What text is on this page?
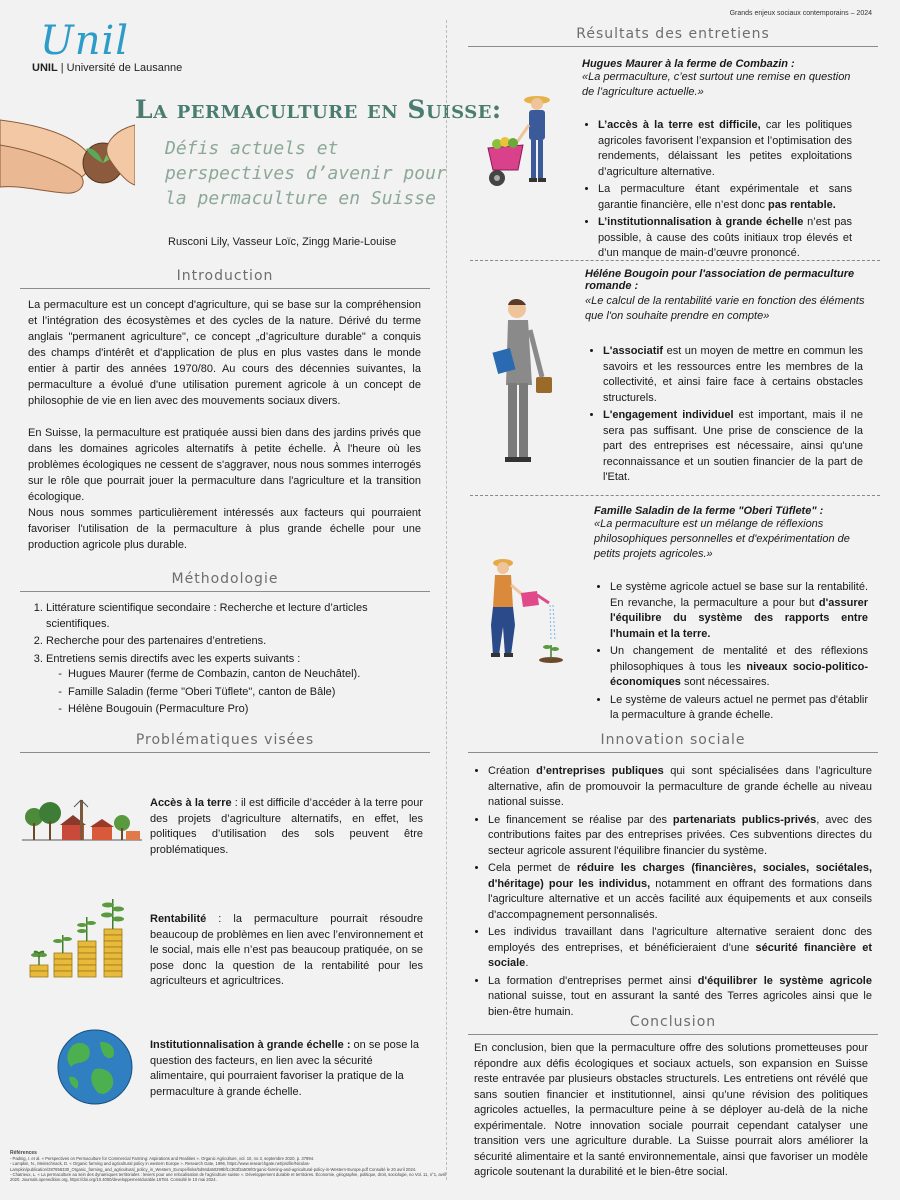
Grands enjeux sociaux contemporains – 2024
Unil
UNIL | Université de Lausanne
La permaculture en Suisse:
Défis actuels et perspectives d’avenir pour la permaculture en Suisse
Rusconi Lily, Vasseur Loïc, Zingg Marie-Louise
Introduction

La permaculture est un concept d'agriculture, qui se base sur la compréhension et l’intégration des écosystèmes et des cycles de la nature. Dérivé du terme anglais "permanent agriculture", ce concept „d’agriculture durable" a conquis des champs d'intérêt et d'application de plus en plus vastes dans le monde entier à partir des années 1970/80. Au cours des décennies suivantes, la permaculture a évolué d'une utilisation purement agricole à un concept de philosophie de vie en lien avec des mouvements sociaux divers.

En Suisse, la permaculture est pratiquée aussi bien dans des jardins privés que dans les domaines agricoles alternatifs à petite échelle. À l'heure où les problèmes écologiques ne cessent de s'aggraver, nous nous sommes interrogés sur le rôle que pourrait jouer la permaculture dans l'agriculture et la transition écologique.

Nous nous sommes particulièrement intéressés aux facteurs qui pourraient favoriser l'utilisation de la permaculture à plus grande échelle pour une production agricole plus durable.

Méthodologie
1. Littérature scientifique secondaire : Recherche et lecture d’articles scientifiques.
2. Recherche pour des partenaires d’entretiens.
3. Entretiens semis directifs avec les experts suivants :
- Hugues Maurer (ferme de Combazin, canton de Neuchâtel).
- Famille Saladin (ferme "Oberi Tüflete", canton de Bâle)
- Hélène Bougouin (Permaculture Pro)
Problématiques visées
Accès à la terre : il est difficile d’accéder à la terre pour des projets d’agriculture alternatifs, en effet, les politiques d’utilisation des sols peuvent être problématiques.
Rentabilité : la permaculture pourrait résoudre beaucoup de problèmes en lien avec l’environnement et le social, mais elle n’est pas beaucoup pratiquée, on se pose donc la question de la rentabilité pour les agriculteurs et agricultrices.
Institutionnalisation à grande échelle : on se pose la question des facteurs, en lien avec la sécurité alimentaire, qui pourraient favoriser la pratique de la permaculture à grande échelle.
Références
- Padnig, I. et al. « Perspectives on Permaculture for Commercial Farming: Aspirations and Realities ». Organic Agriculture, vol. 10, no 3, septembre 2020, p. 37994.
- Lampkin, N., Meinschnack, D. « Organic farming and agricultural policy in western Europe ». Research Gate, 1996, https://www.researchgate.net/profile/Nicolas-Lampkin/publication/287656330_Organic_farming_and_agricultural_policy_in_Western_Europe/links/5d94da50299bf1c363f2a508/Organic-farming-and-agricultural-policy-in-Western-Europe.pdf Consulté le 20 avril 2024.
- Chatrieux, L. « La permaculture au sein des dynamiques territoriales : leviers pour une relocalisation de l'agriculture suisse ». Développement durable et territoires. Économie, géographie, politique, droit, sociologie, no Vol. 11, n°1, avril 2020. Journals.openedition.org, https://doi.org/10.4000/developpementdurable.16784. Consulté le 10 mai 2024.
Résultats des entretiens
Hugues Maurer à la ferme de Combazin :
«La permaculture, c’est surtout une remise en question de l’agriculture actuelle.»
• L’accès à la terre est difficile, car les politiques agricoles favorisent l’expansion et l’optimisation des rendements, délaissant les petites exploitations d’agriculture alternative.
• La permaculture étant expérimentale et sans garantie financière, elle n’est donc pas rentable.
• L’institutionnalisation à grande échelle n’est pas possible, à cause des coûts initiaux trop élevés et d’un manque de main-d’œuvre prononcé.
Héléne Bougoin pour l'association de permaculture romande :
«Le calcul de la rentabilité varie en fonction des éléments que l'on souhaite prendre en compte»
• L'associatif est un moyen de mettre en commun les savoirs et les ressources entre les membres de la collectivité, et ainsi faire face à certains obstacles structurels.
• L'engagement individuel est important, mais il ne sera pas suffisant. Une prise de conscience de la part des entreprises est nécessaire, ainsi qu'une reconnaissance et un soutien financier de la part de l'Etat.
Famille Saladin de la ferme "Oberi Tüflete" :
«La permaculture est un mélange de réflexions philosophiques personnelles et d'expérimentation de petits projets agricoles.»
• Le système agricole actuel se base sur la rentabilité. En revanche, la permaculture a pour but d'assurer l'équilibre du système des rapports entre l'humain et la terre.
• Un changement de mentalité et des réflexions philosophiques à tous les niveaux socio-politico-économiques sont nécessaires.
• Le système de valeurs actuel ne permet pas d'établir la permaculture à grande échelle.
Innovation sociale
• Création d’entreprises publiques qui sont spécialisées dans l’agriculture alternative, afin de promouvoir la permaculture de grande échelle au niveau national suisse.
• Le financement se réalise par des partenariats publics-privés, avec des contributions faites par des entreprises privées. Ces subventions directes du secteur agricole assurent l'équilibre financier du système.
• Cela permet de réduire les charges (financières, sociales, sociétales, d'héritage) pour les individus, notamment en offrant des formations dans l'agriculture alternative et un accès facilité aux équipements et aux conseils d'accompagnement personnalisés.
• Les individus travaillant dans l'agriculture alternative seraient donc des employés des entreprises, et bénéficieraient d’une sécurité financière et sociale.
• La formation d'entreprises permet ainsi d'équilibrer le système agricole national suisse, tout en assurant la santé des Terres agricoles ainsi que le bien-être humain.
Conclusion
En conclusion, bien que la permaculture offre des solutions prometteuses pour répondre aux défis écologiques et sociaux actuels, son expansion en Suisse reste entravée par plusieurs obstacles structurels. Les entretiens ont révélé que sans soutien financier et institutionnel, ainsi qu’une révision des politiques agricoles actuelles, la permaculture peine à se déployer au-delà de la niche expérimentale. Notre innovation sociale pourrait cependant catalyser une transition vers une agriculture durable. La Suisse pourrait alors améliorer la sécurité alimentaire et la santé environnementale, ainsi que favoriser un modèle agricole soutenant la durabilité et le bien-être social.
